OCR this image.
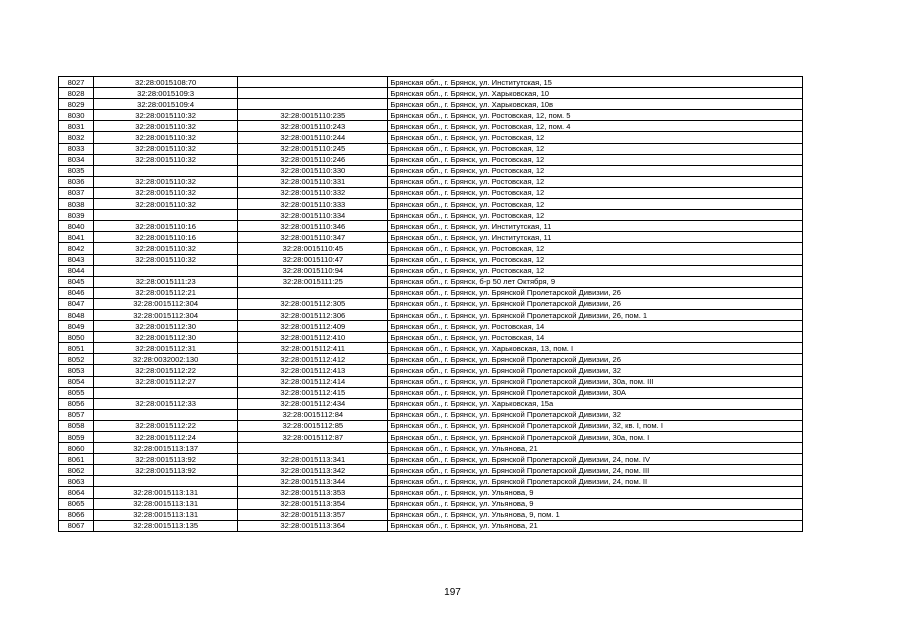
8027	32:28:0015108:70		Брянская обл., г. Брянск, ул. Институтская, 15
8028	32:28:0015109:3		Брянская обл., г. Брянск, ул. Харьковская, 10
8029	32:28:0015109:4		Брянская обл., г. Брянск, ул. Харьковская, 10в
8030	32:28:0015110:32	32:28:0015110:235	Брянская обл., г. Брянск, ул. Ростовская, 12, пом. 5
8031	32:28:0015110:32	32:28:0015110:243	Брянская обл., г. Брянск, ул. Ростовская, 12, пом. 4
8032	32:28:0015110:32	32:28:0015110:244	Брянская обл., г. Брянск, ул. Ростовская, 12
8033	32:28:0015110:32	32:28:0015110:245	Брянская обл., г. Брянск, ул. Ростовская, 12
8034	32:28:0015110:32	32:28:0015110:246	Брянская обл., г. Брянск, ул. Ростовская, 12
8035		32:28:0015110:330	Брянская обл., г. Брянск, ул. Ростовская, 12
8036	32:28:0015110:32	32:28:0015110:331	Брянская обл., г. Брянск, ул. Ростовская, 12
8037	32:28:0015110:32	32:28:0015110:332	Брянская обл., г. Брянск, ул. Ростовская, 12
8038	32:28:0015110:32	32:28:0015110:333	Брянская обл., г. Брянск, ул. Ростовская, 12
8039		32:28:0015110:334	Брянская обл., г. Брянск, ул. Ростовская, 12
8040	32:28:0015110:16	32:28:0015110:346	Брянская обл., г. Брянск, ул. Институтская, 11
8041	32:28:0015110:16	32:28:0015110:347	Брянская обл., г. Брянск, ул. Институтская, 11
8042	32:28:0015110:32	32:28:0015110:45	Брянская обл., г. Брянск, ул. Ростовская, 12
8043	32:28:0015110:32	32:28:0015110:47	Брянская обл., г. Брянск, ул. Ростовская, 12
8044		32:28:0015110:94	Брянская обл., г. Брянск, ул. Ростовская, 12
8045	32:28:0015111:23	32:28:0015111:25	Брянская обл., г. Брянск, б-р 50 лет Октября, 9
8046	32:28:0015112:21		Брянская обл., г. Брянск, ул. Брянской Пролетарской Дивизии, 26
8047	32:28:0015112:304	32:28:0015112:305	Брянская обл., г. Брянск, ул. Брянской Пролетарской Дивизии, 26
8048	32:28:0015112:304	32:28:0015112:306	Брянская обл., г. Брянск, ул. Брянской Пролетарской Дивизии, 26, пом. 1
8049	32:28:0015112:30	32:28:0015112:409	Брянская обл., г. Брянск, ул. Ростовская, 14
8050	32:28:0015112:30	32:28:0015112:410	Брянская обл., г. Брянск, ул. Ростовская, 14
8051	32:28:0015112:31	32:28:0015112:411	Брянская обл., г. Брянск, ул. Харьковская, 13, пом. I
8052	32:28:0032002:130	32:28:0015112:412	Брянская обл., г. Брянск, ул. Брянской Пролетарской Дивизии, 26
8053	32:28:0015112:22	32:28:0015112:413	Брянская обл., г. Брянск, ул. Брянской Пролетарской Дивизии, 32
8054	32:28:0015112:27	32:28:0015112:414	Брянская обл., г. Брянск, ул. Брянской Пролетарской Дивизии, 30а, пом. III
8055		32:28:0015112:415	Брянская обл., г. Брянск, ул. Брянской Пролетарской Дивизии, 30А
8056	32:28:0015112:33	32:28:0015112:434	Брянская обл., г. Брянск, ул. Харьковская, 15а
8057		32:28:0015112:84	Брянская обл., г. Брянск, ул. Брянской Пролетарской Дивизии, 32
8058	32:28:0015112:22	32:28:0015112:85	Брянская обл., г. Брянск, ул. Брянской Пролетарской Дивизии, 32, кв. I, пом. I
8059	32:28:0015112:24	32:28:0015112:87	Брянская обл., г. Брянск, ул. Брянской Пролетарской Дивизии, 30а, пом. I
8060	32:28:0015113:137		Брянская обл., г. Брянск, ул. Ульянова, 21
8061	32:28:0015113:92	32:28:0015113:341	Брянская обл., г. Брянск, ул. Брянской Пролетарской Дивизии, 24, пом. IV
8062	32:28:0015113:92	32:28:0015113:342	Брянская обл., г. Брянск, ул. Брянской Пролетарской Дивизии, 24, пом. III
8063		32:28:0015113:344	Брянская обл., г. Брянск, ул. Брянской Пролетарской Дивизии, 24, пом. II
8064	32:28:0015113:131	32:28:0015113:353	Брянская обл., г. Брянск, ул. Ульянова, 9
8065	32:28:0015113:131	32:28:0015113:354	Брянская обл., г. Брянск, ул. Ульянова, 9
8066	32:28:0015113:131	32:28:0015113:357	Брянская обл., г. Брянск, ул. Ульянова, 9, пом. 1
8067	32:28:0015113:135	32:28:0015113:364	Брянская обл., г. Брянск, ул. Ульянова, 21
197
